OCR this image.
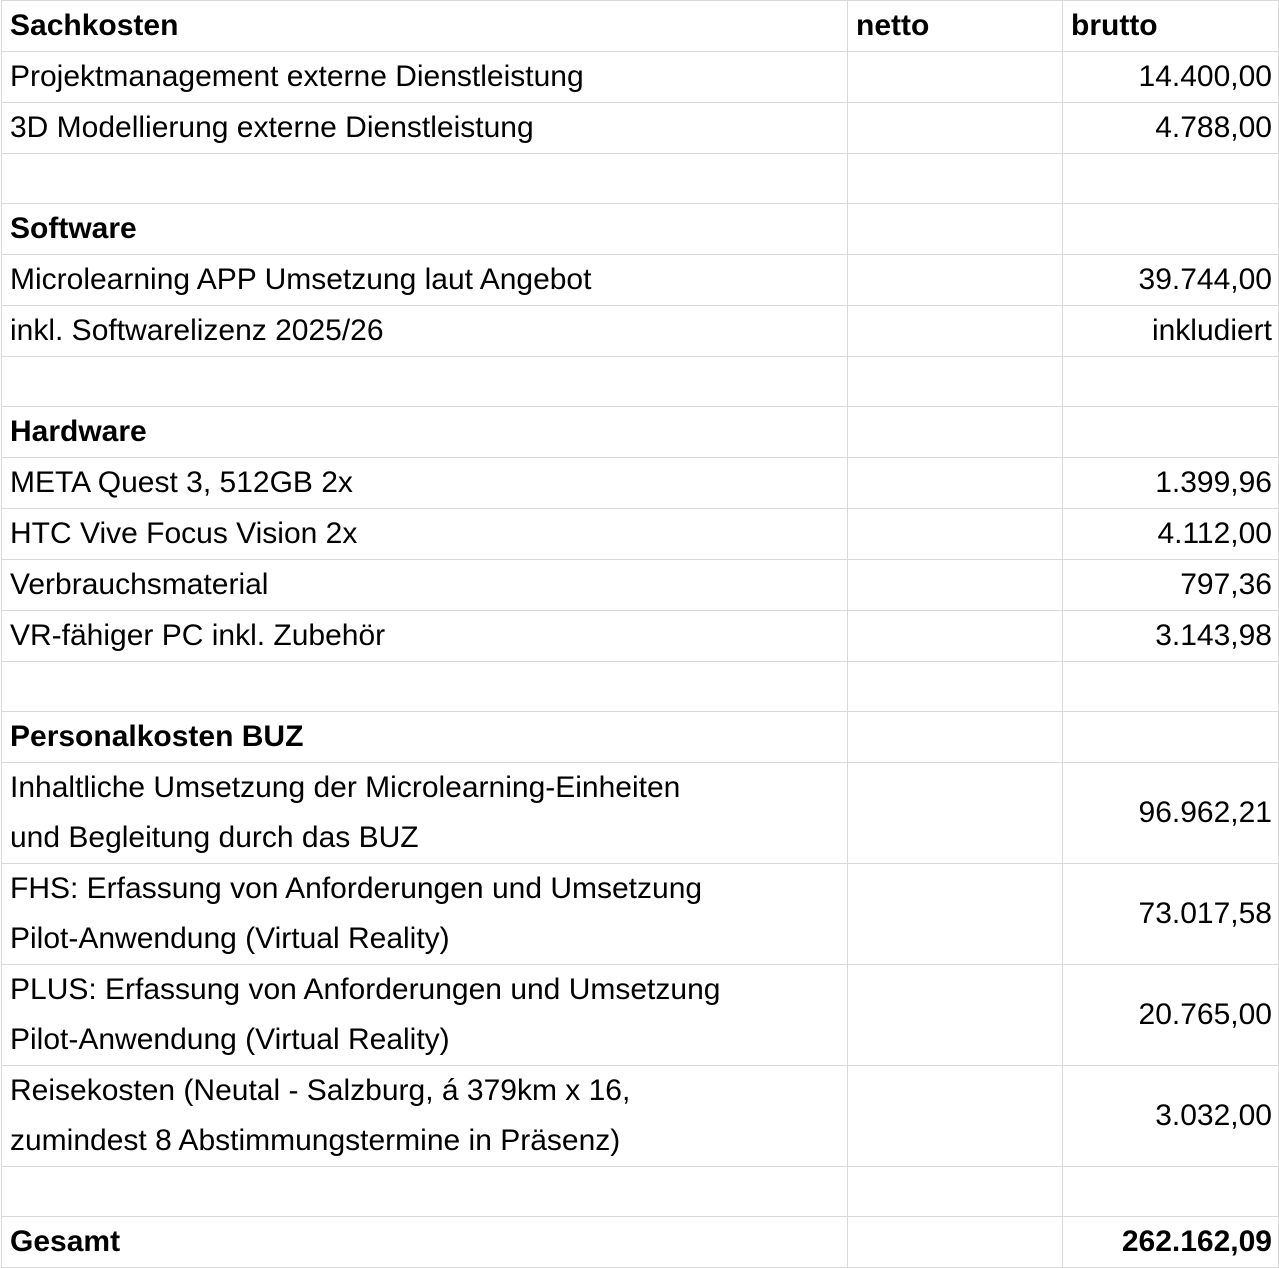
Sachkosten	netto	brutto
Projektmanagement externe Dienstleistung		14.400,00
3D Modellierung externe Dienstleistung		4.788,00

Software		
Microlearning APP Umsetzung laut Angebot		39.744,00
inkl. Softwarelizenz 2025/26		inkludiert

Hardware		
META Quest 3, 512GB 2x		1.399,96
HTC Vive Focus Vision 2x		4.112,00
Verbrauchsmaterial		797,36
VR-fähiger PC inkl. Zubehör		3.143,98

Personalkosten BUZ		

Inhaltliche Umsetzung der Microlearning-Einheiten
und Begleitung durch das BUZ		96.962,21

FHS: Erfassung von Anforderungen und Umsetzung
Pilot-Anwendung (Virtual Reality)		73.017,58

PLUS: Erfassung von Anforderungen und Umsetzung
Pilot-Anwendung (Virtual Reality)		20.765,00

Reisekosten (Neutal - Salzburg, á 379km x 16,
zumindest 8 Abstimmungstermine in Präsenz)		3.032,00

Gesamt		262.162,09
